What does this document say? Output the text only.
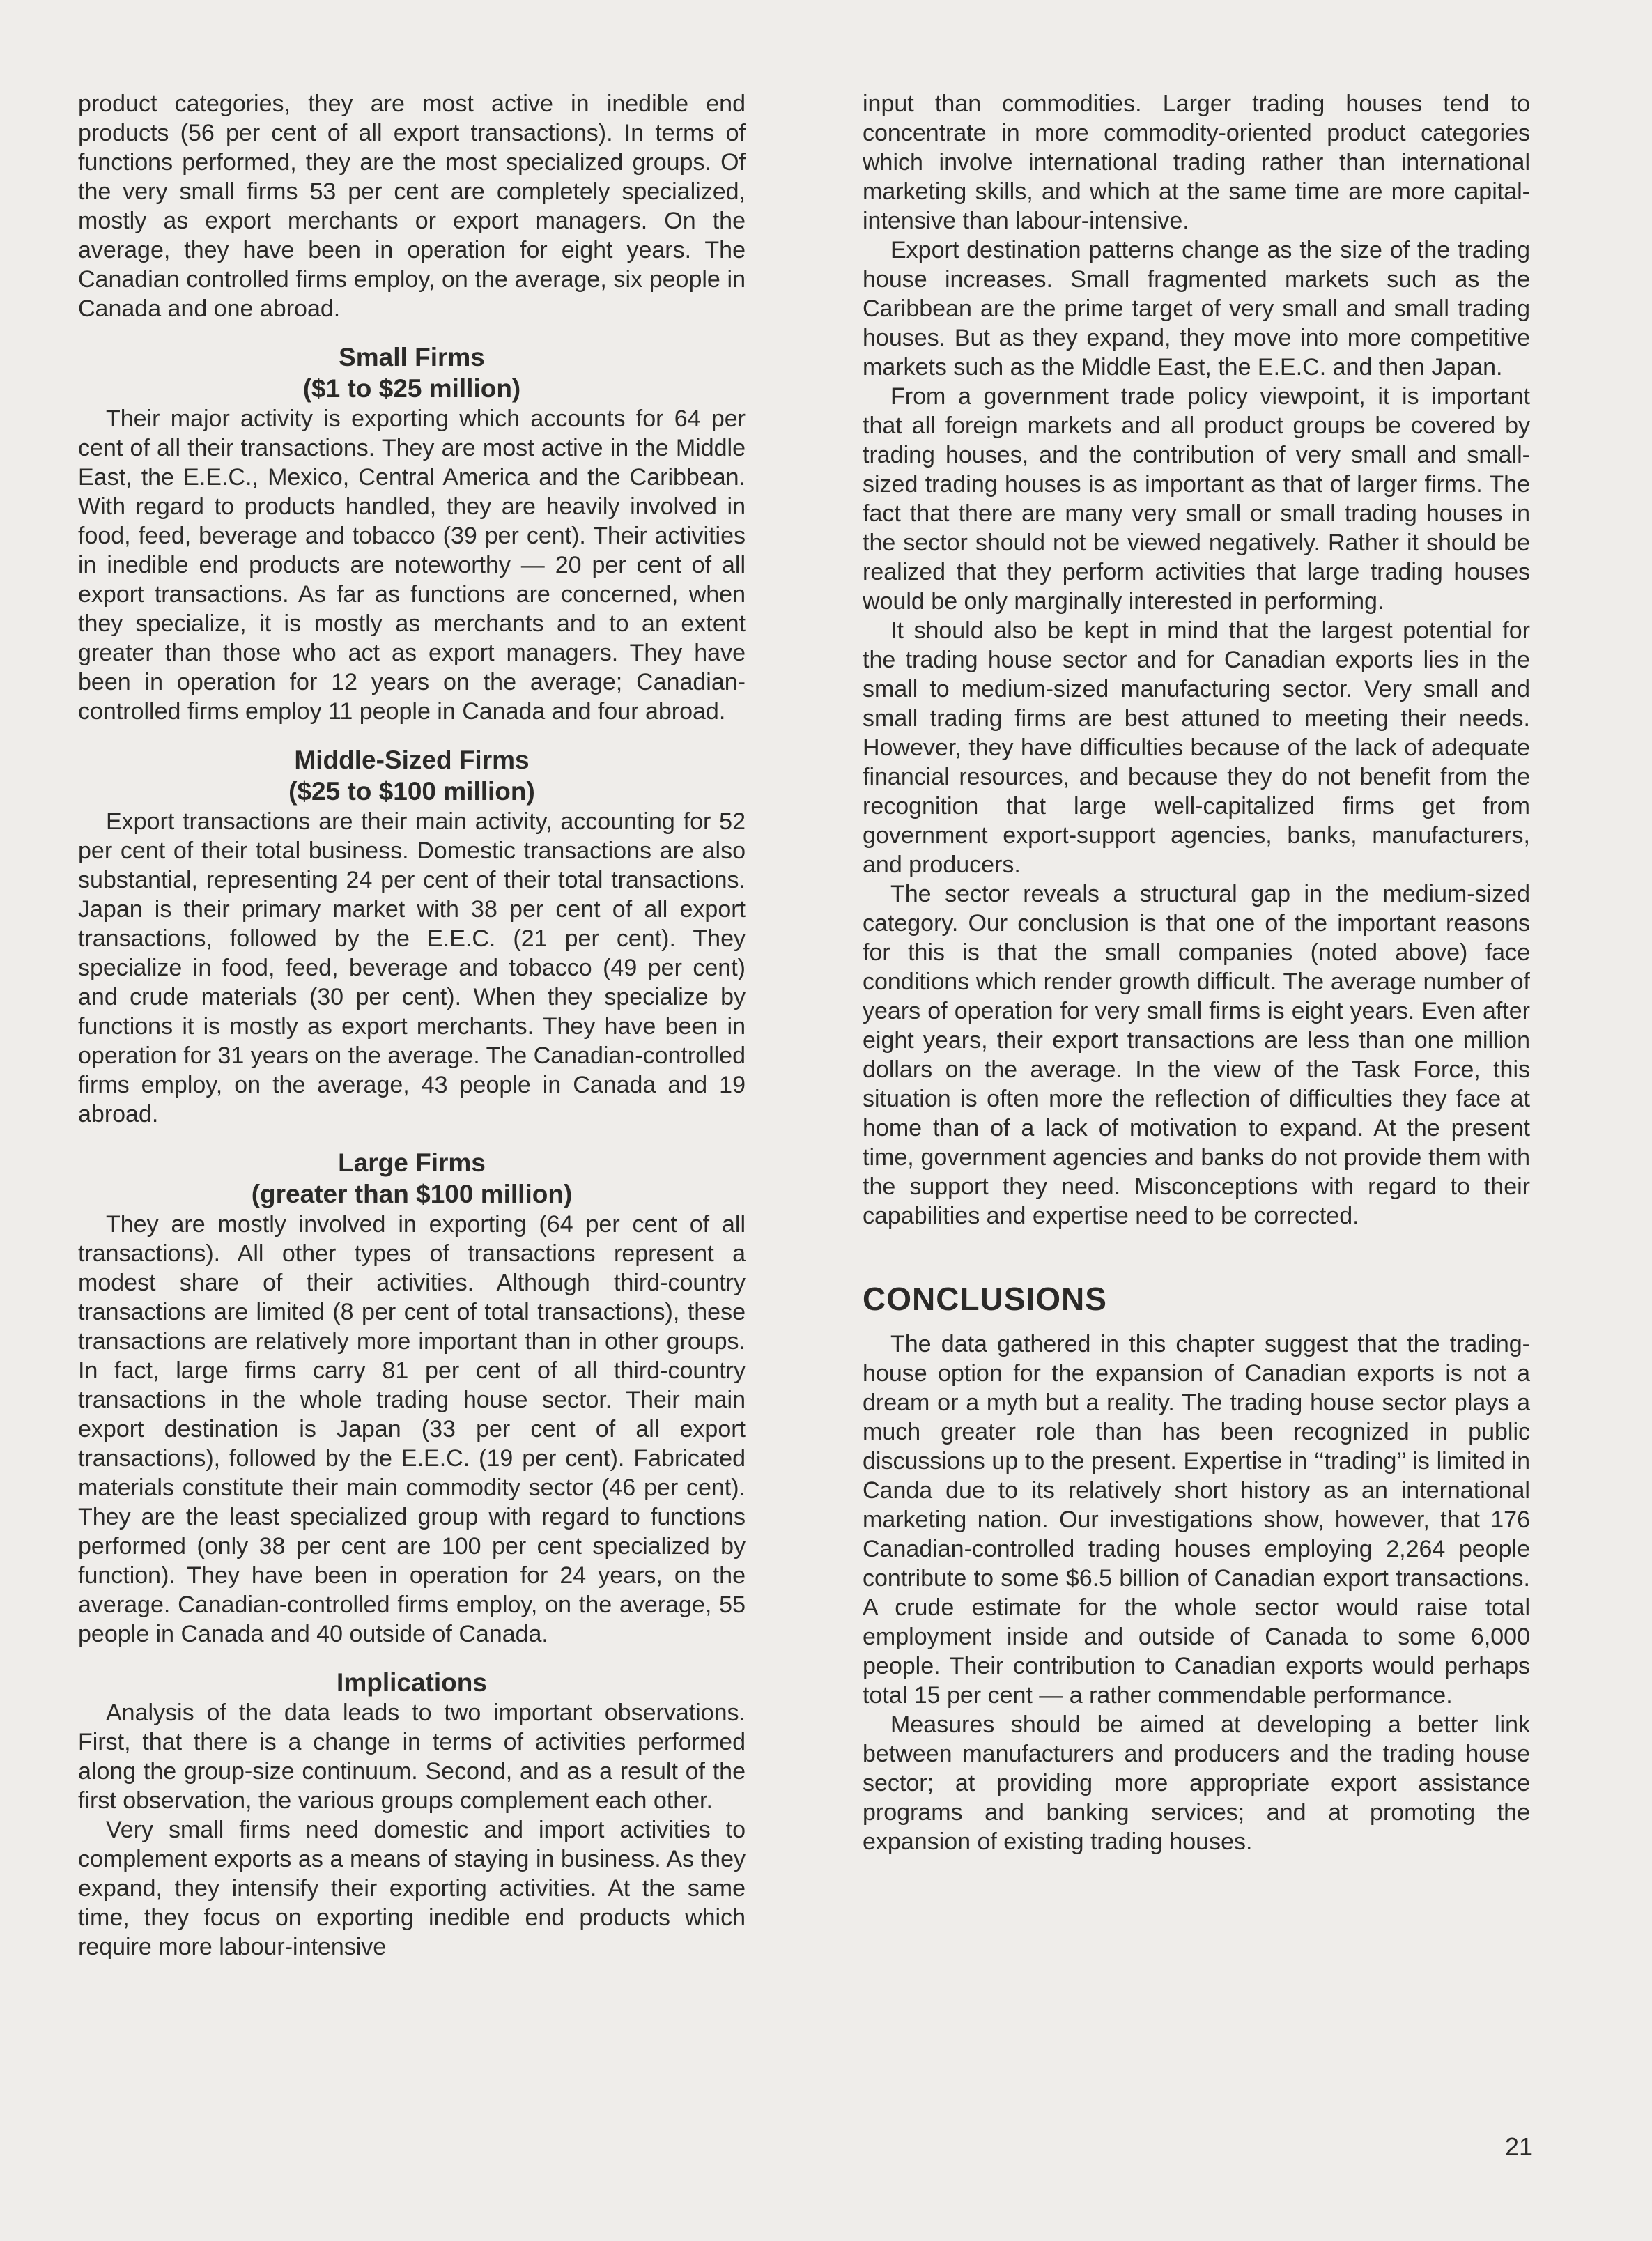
product categories, they are most active in inedible end products (56 per cent of all export transactions). In terms of functions performed, they are the most specialized groups. Of the very small firms 53 per cent are completely specialized, mostly as export merchants or export managers. On the average, they have been in operation for eight years. The Canadian controlled firms employ, on the average, six people in Canada and one abroad.

Small Firms
($1 to $25 million)

Their major activity is exporting which accounts for 64 per cent of all their transactions. They are most active in the Middle East, the E.E.C., Mexico, Central America and the Caribbean. With regard to products handled, they are heavily involved in food, feed, beverage and tobacco (39 per cent). Their activities in inedible end products are noteworthy — 20 per cent of all export transactions. As far as functions are concerned, when they specialize, it is mostly as merchants and to an extent greater than those who act as export managers. They have been in operation for 12 years on the average; Canadian-controlled firms employ 11 people in Canada and four abroad.

Middle-Sized Firms
($25 to $100 million)

Export transactions are their main activity, accounting for 52 per cent of their total business. Domestic transactions are also substantial, representing 24 per cent of their total transactions. Japan is their primary market with 38 per cent of all export transactions, followed by the E.E.C. (21 per cent). They specialize in food, feed, beverage and tobacco (49 per cent) and crude materials (30 per cent). When they specialize by functions it is mostly as export merchants. They have been in operation for 31 years on the average. The Canadian-controlled firms employ, on the average, 43 people in Canada and 19 abroad.

Large Firms
(greater than $100 million)

They are mostly involved in exporting (64 per cent of all transactions). All other types of transactions represent a modest share of their activities. Although third-country transactions are limited (8 per cent of total transactions), these transactions are relatively more important than in other groups. In fact, large firms carry 81 per cent of all third-country transactions in the whole trading house sector. Their main export destination is Japan (33 per cent of all export transactions), followed by the E.E.C. (19 per cent). Fabricated materials constitute their main commodity sector (46 per cent). They are the least specialized group with regard to functions performed (only 38 per cent are 100 per cent specialized by function). They have been in operation for 24 years, on the average. Canadian-controlled firms employ, on the average, 55 people in Canada and 40 outside of Canada.

Implications

Analysis of the data leads to two important observations. First, that there is a change in terms of activities performed along the group-size continuum. Second, and as a result of the first observation, the various groups complement each other.

Very small firms need domestic and import activities to complement exports as a means of staying in business. As they expand, they intensify their exporting activities. At the same time, they focus on exporting inedible end products which require more labour-intensive

input than commodities. Larger trading houses tend to concentrate in more commodity-oriented product categories which involve international trading rather than international marketing skills, and which at the same time are more capital-intensive than labour-intensive.

Export destination patterns change as the size of the trading house increases. Small fragmented markets such as the Caribbean are the prime target of very small and small trading houses. But as they expand, they move into more competitive markets such as the Middle East, the E.E.C. and then Japan.

From a government trade policy viewpoint, it is important that all foreign markets and all product groups be covered by trading houses, and the contribution of very small and small-sized trading houses is as important as that of larger firms. The fact that there are many very small or small trading houses in the sector should not be viewed negatively. Rather it should be realized that they perform activities that large trading houses would be only marginally interested in performing.

It should also be kept in mind that the largest potential for the trading house sector and for Canadian exports lies in the small to medium-sized manufacturing sector. Very small and small trading firms are best attuned to meeting their needs. However, they have difficulties because of the lack of adequate financial resources, and because they do not benefit from the recognition that large well-capitalized firms get from government export-support agencies, banks, manufacturers, and producers.

The sector reveals a structural gap in the medium-sized category. Our conclusion is that one of the important reasons for this is that the small companies (noted above) face conditions which render growth difficult. The average number of years of operation for very small firms is eight years. Even after eight years, their export transactions are less than one million dollars on the average. In the view of the Task Force, this situation is often more the reflection of difficulties they face at home than of a lack of motivation to expand. At the present time, government agencies and banks do not provide them with the support they need. Misconceptions with regard to their capabilities and expertise need to be corrected.

CONCLUSIONS

The data gathered in this chapter suggest that the trading-house option for the expansion of Canadian exports is not a dream or a myth but a reality. The trading house sector plays a much greater role than has been recognized in public discussions up to the present. Expertise in ‘‘trading’’ is limited in Canda due to its relatively short history as an international marketing nation. Our investigations show, however, that 176 Canadian-controlled trading houses employing 2,264 people contribute to some $6.5 billion of Canadian export transactions. A crude estimate for the whole sector would raise total employment inside and outside of Canada to some 6,000 people. Their contribution to Canadian exports would perhaps total 15 per cent — a rather commendable performance.

Measures should be aimed at developing a better link between manufacturers and producers and the trading house sector; at providing more appropriate export assistance programs and banking services; and at promoting the expansion of existing trading houses.

21
